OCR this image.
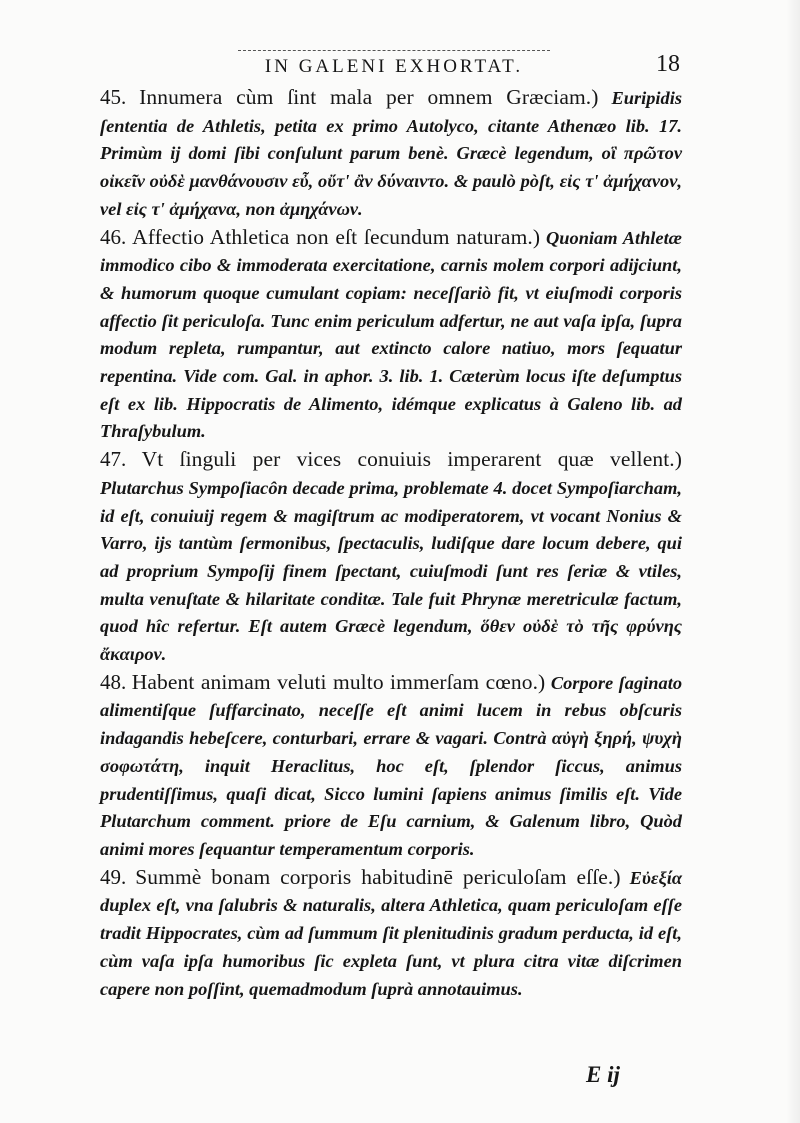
IN GALENI EXHORTAT.	18

45. Innumera cùm ſint mala per omnem Græciam.) Euripidis ſententia de Athletis, petita ex primo Autolyco, citante Athenæo lib. 17. Primùm ij domi ſibi conſulunt parum benè. Græcè legendum, οἳ πρῶτον οἰκεῖν οὐδὲ μανθάνουσιν εὖ, οὔτ' ἂν δύναιντο. & paulò pòſt, εἰς τ' ἀμήχανον, vel εἰς τ' ἀμήχανα, non ἀμηχάνων.

46. Affectio Athletica non eſt ſecundum naturam.) Quoniam Athletæ immodico cibo & immoderata exercitatione, carnis molem corpori adijciunt, & humorum quoque cumulant copiam: neceſſariò fit, vt eiuſmodi corporis affectio ſit periculoſa. Tunc enim periculum adfertur, ne aut vaſa ipſa, ſupra modum repleta, rumpantur, aut extincto calore natiuo, mors ſequatur repentina. Vide com. Gal. in aphor. 3. lib. 1. Cæterùm locus iſte deſumptus eſt ex lib. Hippocratis de Alimento, idémque explicatus à Galeno lib. ad Thraſybulum.

47. Vt ſinguli per vices conuiuis imperarent quæ vellent.) Plutarchus Sympoſiacôn decade prima, problemate 4. docet Sympoſiarcham, id eſt, conuiuij regem & magiſtrum ac modiperatorem, vt vocant Nonius & Varro, ijs tantùm ſermonibus, ſpectaculis, ludiſque dare locum debere, qui ad proprium Sympoſij finem ſpectant, cuiuſmodi ſunt res ſeriæ & vtiles, multa venuſtate & hilaritate conditæ. Tale fuit Phrynæ meretriculæ factum, quod hîc refertur. Eſt autem Græcè legendum, ὅθεν οὐδὲ τὸ τῆς φρύνης ἄκαιρον.

48. Habent animam veluti multo immerſam cœno.) Corpore ſaginato alimentiſque ſuffarcinato, neceſſe eſt animi lucem in rebus obſcuris indagandis hebeſcere, conturbari, errare & vagari. Contrà αὐγὴ ξηρή, ψυχὴ σοφωτάτη, inquit Heraclitus, hoc eſt, ſplendor ſiccus, animus prudentiſſimus, quaſi dicat, Sicco lumini ſapiens animus ſimilis eſt. Vide Plutarchum comment. priore de Eſu carnium, & Galenum libro, Quòd animi mores ſequantur temperamentum corporis.

49. Summè bonam corporis habitudinē periculoſam eſſe.) Εὐεξία duplex eſt, vna ſalubris & naturalis, altera Athletica, quam periculoſam eſſe tradit Hippocrates, cùm ad ſummum ſit plenitudinis gradum perducta, id eſt, cùm vaſa ipſa humoribus ſic expleta ſunt, vt plura citra vitæ diſcrimen capere non poſſint, quemadmodum ſuprà annotauimus.

E ij
